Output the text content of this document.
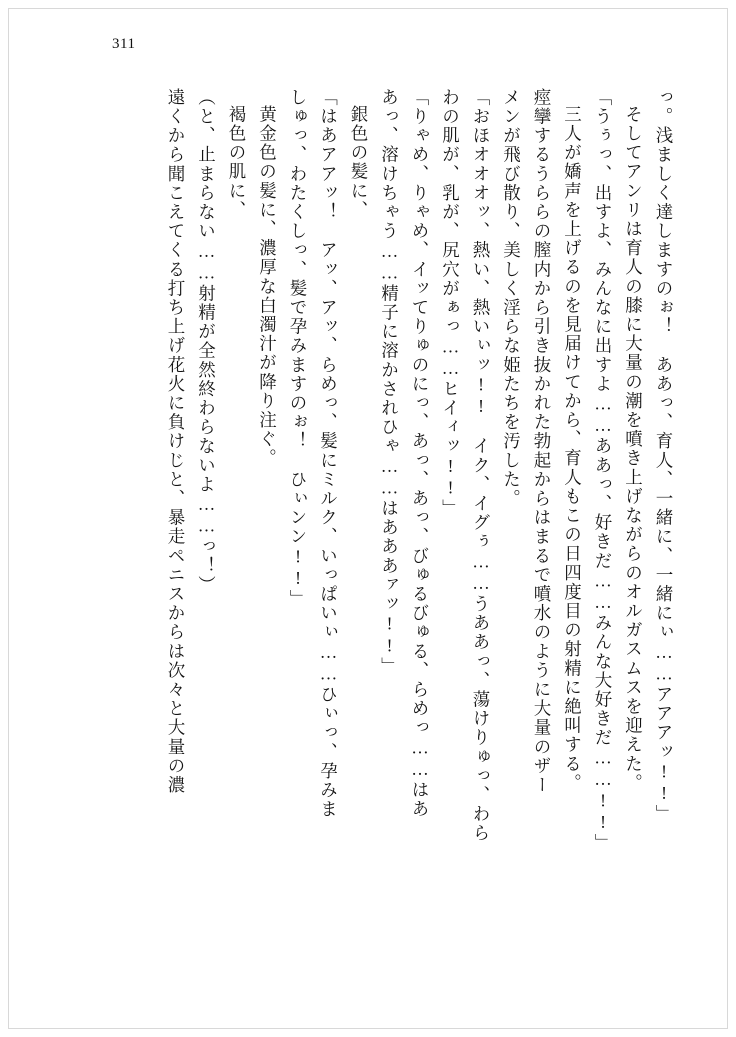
311
っ。浅ましく達しますのぉ！　ああっ、育人、一緒に、一緒にぃ……アアアッ!!」
そしてアンリは育人の膝に大量の潮を噴き上げながらのオルガスムスを迎えた。
「うぅっ、出すよ、みんなに出すよ……ああっ、好きだ……みんな大好きだ……!!」
三人が嬌声を上げるのを見届けてから、育人もこの日四度目の射精に絶叫する。
痙攣するうららの膣内から引き抜かれた勃起からはまるで噴水のように大量のザー
メンが飛び散り、美しく淫らな姫たちを汚した。
「おほオオオッ、熱い、熱いぃッ!!　イク、イグぅ……うああっ、蕩けりゅっ、わら
わの肌が、乳が、尻穴がぁっ……ヒイィッ!!」
「りゃめ、りゃめ、イッてりゅのにっ、あっ、あっ、びゅるびゅる、らめっ……はあ
あっ、溶けちゃう……精子に溶かされひゃ……はあああァッ!!」
銀色の髪に、
「はあアアッ！　アッ、アッ、らめっ、髪にミルク、いっぱいぃ……ひぃっ、孕みま
しゅっ、わたくしっ、髪で孕みますのぉ！　ひぃンン!!」
黄金色の髪に、濃厚な白濁汁が降り注ぐ。
褐色の肌に、
（と、止まらない……射精が全然終わらないよ……っ！）
遠くから聞こえてくる打ち上げ花火に負けじと、暴走ペニスからは次々と大量の濃
